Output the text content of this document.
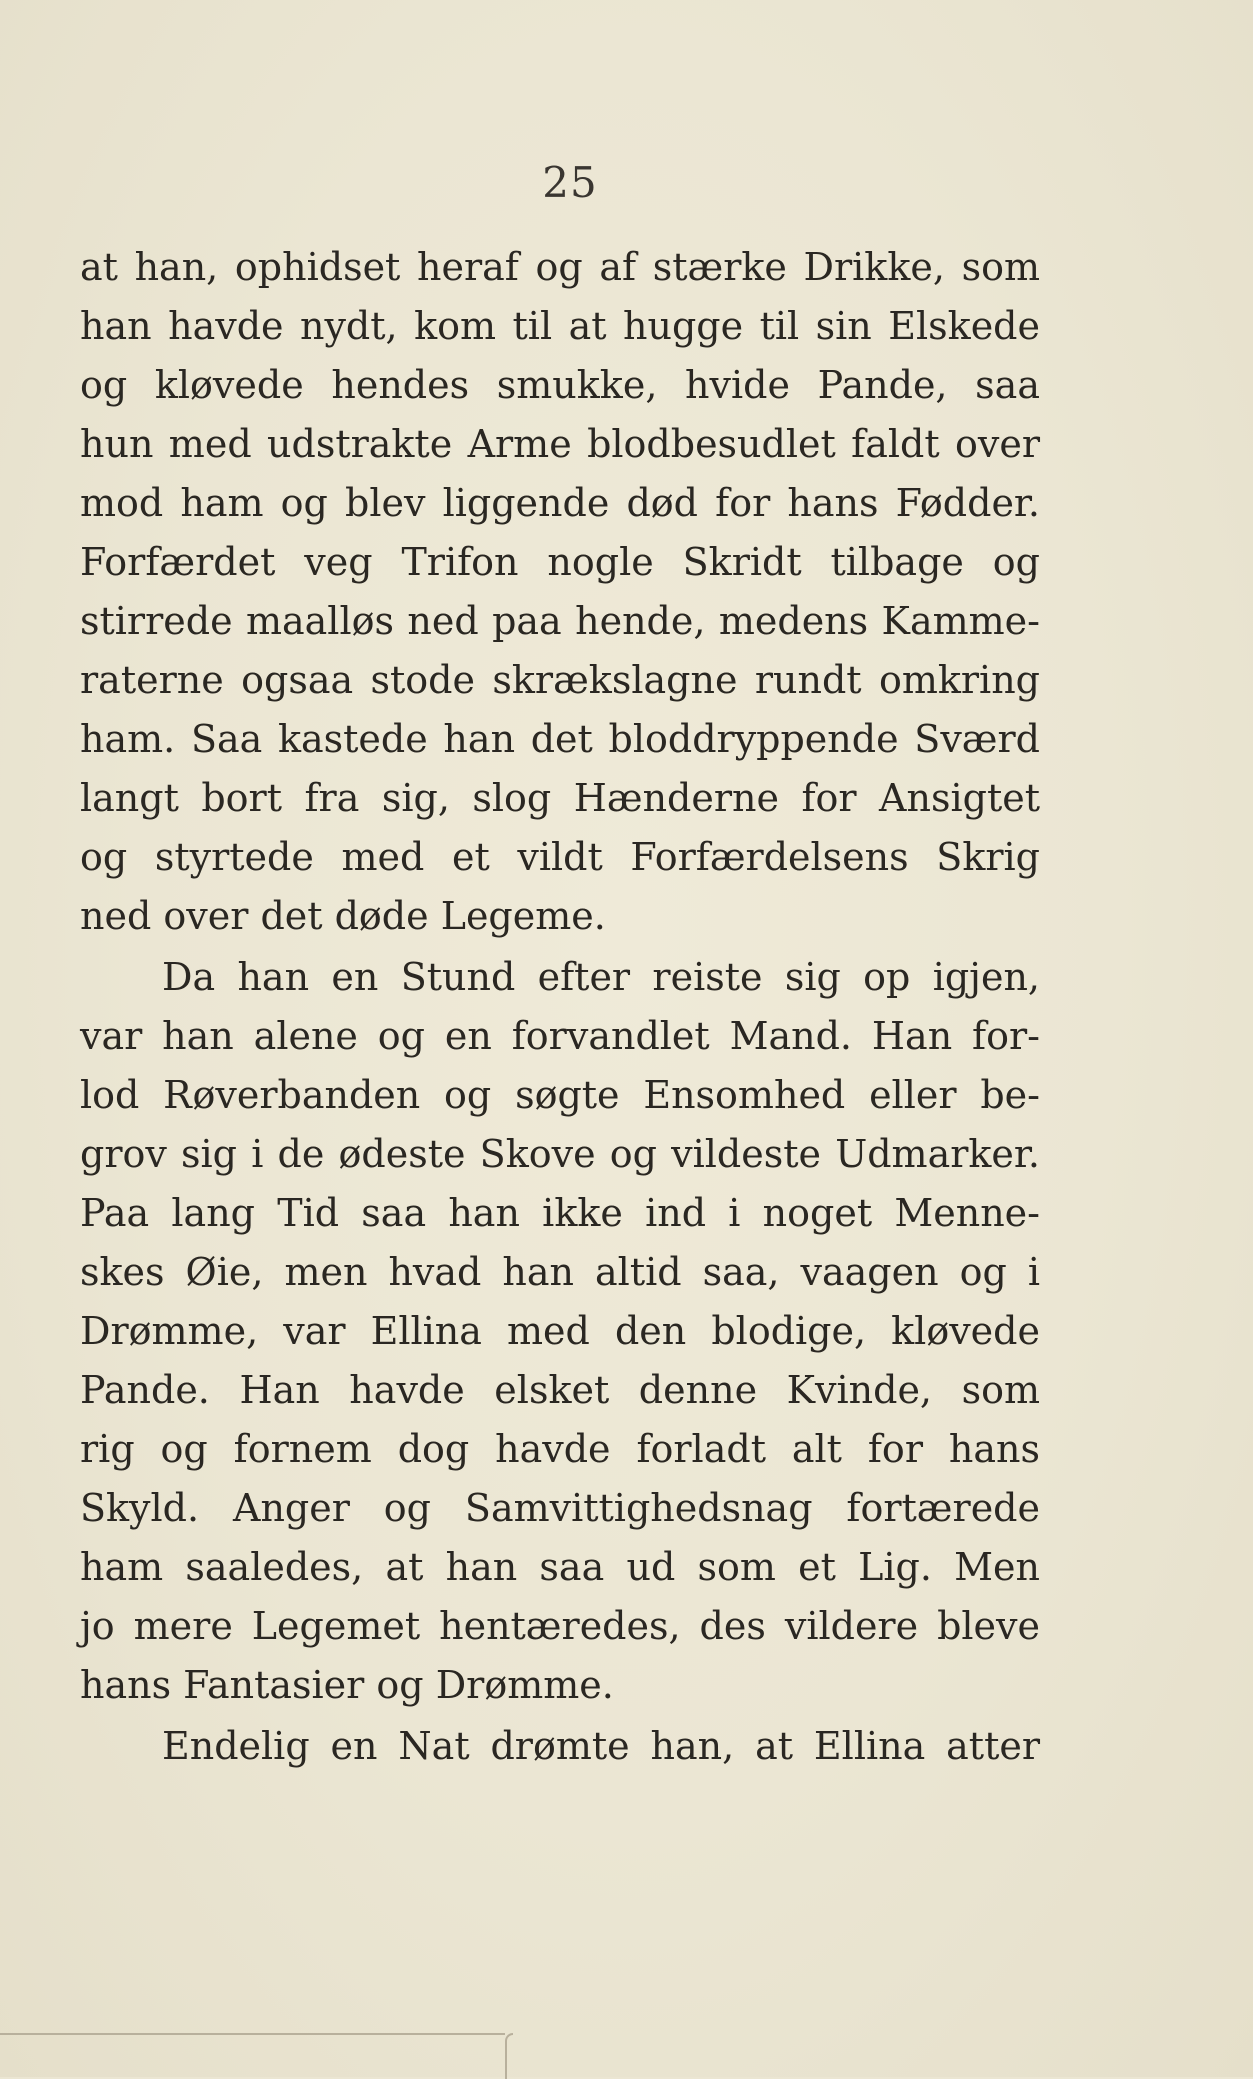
25
at han, ophidset heraf og af stærke Drikke, som
han havde nydt, kom til at hugge til sin Elskede
og kløvede hendes smukke, hvide Pande, saa
hun med udstrakte Arme blodbesudlet faldt over
mod ham og blev liggende død for hans Fødder.
Forfærdet veg Trifon nogle Skridt tilbage og
stirrede maalløs ned paa hende, medens Kamme-
raterne ogsaa stode skrækslagne rundt omkring
ham. Saa kastede han det bloddryppende Sværd
langt bort fra sig, slog Hænderne for Ansigtet
og styrtede med et vildt Forfærdelsens Skrig
ned over det døde Legeme.
Da han en Stund efter reiste sig op igjen,
var han alene og en forvandlet Mand. Han for-
lod Røverbanden og søgte Ensomhed eller be-
grov sig i de ødeste Skove og vildeste Udmarker.
Paa lang Tid saa han ikke ind i noget Menne-
skes Øie, men hvad han altid saa, vaagen og i
Drømme, var Ellina med den blodige, kløvede
Pande. Han havde elsket denne Kvinde, som
rig og fornem dog havde forladt alt for hans
Skyld. Anger og Samvittighedsnag fortærede
ham saaledes, at han saa ud som et Lig. Men
jo mere Legemet hentæredes, des vildere bleve
hans Fantasier og Drømme.
Endelig en Nat drømte han, at Ellina atter
